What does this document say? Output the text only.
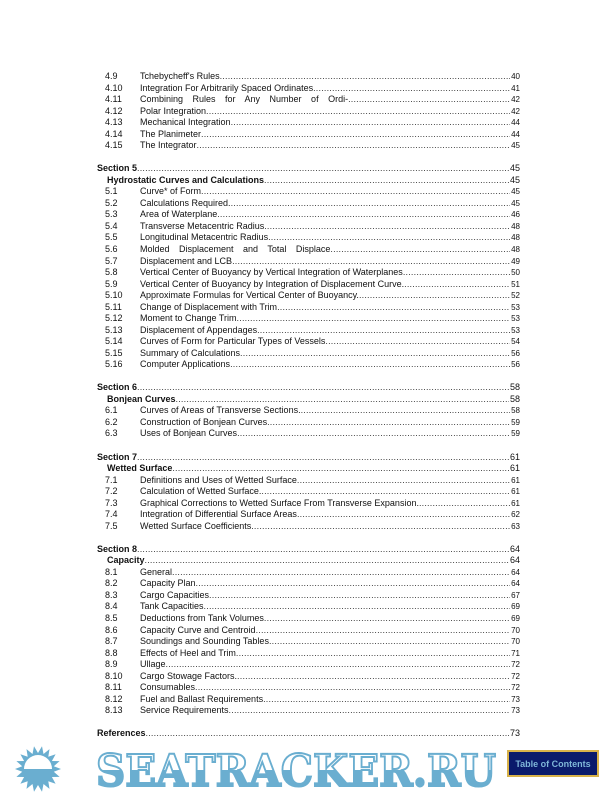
4.9	Tchebycheff's Rules .....	40
4.10	Integration For Arbitrarily Spaced Ordinates .....	41
4.11	Combining Rules for Any Number of Ordi- .....	42
4.12	Polar Integration .....	42
4.13	Mechanical Integration .....	44
4.14	The Planimeter .....	44
4.15	The Integrator .....	45
Section 5 .....	45
Hydrostatic Curves and Calculations .....	45
5.1	Curve* of Form .....	45
5.2	Calculations Required. .....	45
5.3	Area of Waterplane .....	46
5.4	Transverse Metacentric Radius .....	48
5.5	Longitudinal Metacentric Radius .....	48
5.6	Molded Displacement and Total Displace .....	48
5.7	Displacement and LCB .....	49
5.8	Vertical Center of Buoyancy by Vertical Integration of Waterplanes .....	50
5.9	Vertical Center of Buoyancy by Integration of Displacement Curve. .....	51
5.10	Approximate Formulas for Vertical Center of Buoyancy. .....	52
5.11	Change of Displacement with Trim .....	53
5.12	Moment to Change Trim .....	53
5.13	Displacement of Appendages .....	53
5.14	Curves of Form for Particular Types of Vessels .....	54
5.15	Summary of Calculations .....	56
5.16	Computer Applications .....	56
Section 6 .....	58
Bonjean Curves .....	58
6.1	Curves of Areas of Transverse Sections. .....	58
6.2	Construction of Bonjean Curves .....	59
6.3	Uses of Bonjean Curves .....	59
Section 7 .....	61
Wetted Surface .....	61
7.1	Definitions and Uses of Wetted Surface .....	61
7.2	Calculation of Wetted Surface. .....	61
7.3	Graphical Corrections to Wetted Surface From Transverse Expansion. .....	61
7.4	Integration of Differential Surface Areas .....	62
7.5	Wetted Surface Coefficients .....	63
Section 8 .....	64
Capacity .....	64
8.1	General .....	64
8.2	Capacity Plan .....	64
8.3	Cargo Capacities .....	67
8.4	Tank Capacities .....	69
8.5	Deductions from Tank Volumes .....	69
8.6	Capacity Curve and Centroid .....	70
8.7	Soundings and Sounding Tables .....	70
8.8	Effects of Heel and Trim .....	71
8.9	Ullage .....	72
8.10	Cargo Stowage Factors. .....	72
8.11	Consumables .....	72
8.12	Fuel and Ballast Requirements .....	73
8.13	Service Requirements .....	73
References .....	73
SEATRACKER.RU	Table of Contents
